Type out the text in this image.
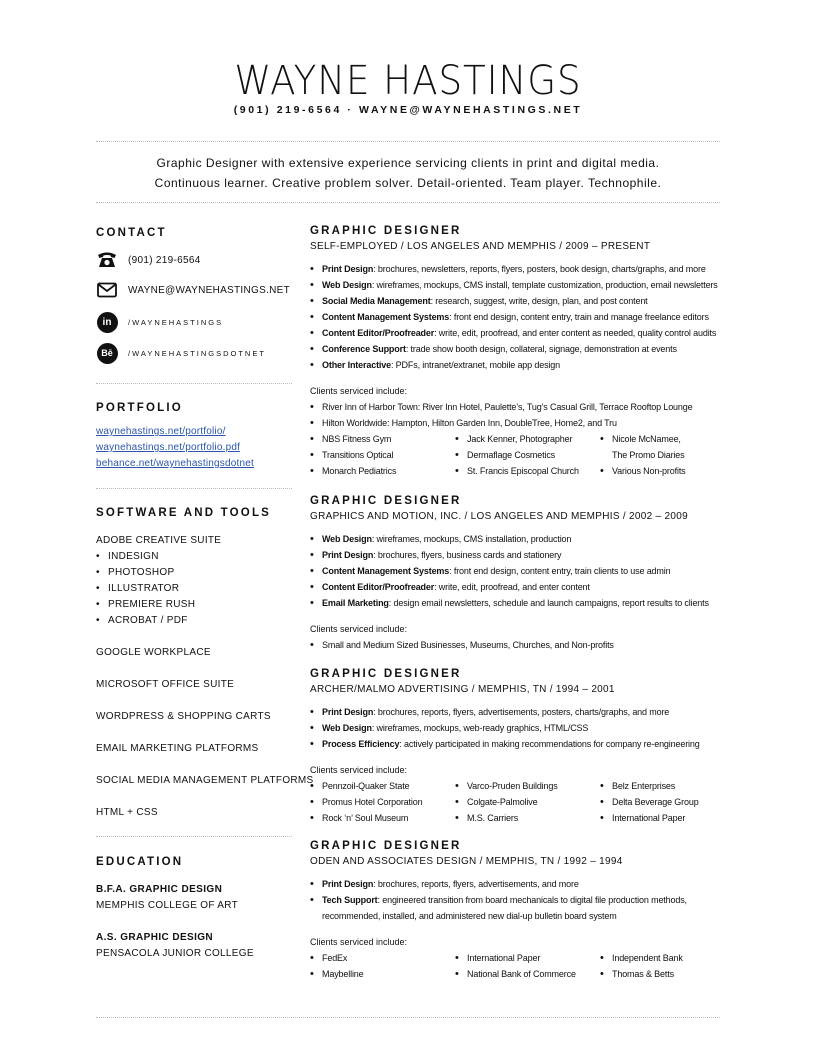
WAYNE HASTINGS
(901) 219-6564 · WAYNE@WAYNEHASTINGS.NET
Graphic Designer with extensive experience servicing clients in print and digital media.
Continuous learner. Creative problem solver. Detail-oriented. Team player. Technophile.
CONTACT
(901) 219-6564
WAYNE@WAYNEHASTINGS.NET
in	/WAYNEHASTINGS
Bē	/WAYNEHASTINGSDOTNET
PORTFOLIO
waynehastings.net/portfolio/
waynehastings.net/portfolio.pdf
behance.net/waynehastingsdotnet
SOFTWARE AND TOOLS
ADOBE CREATIVE SUITE
• INDESIGN
• PHOTOSHOP
• ILLUSTRATOR
• PREMIERE RUSH
• ACROBAT / PDF
GOOGLE WORKPLACE
MICROSOFT OFFICE SUITE
WORDPRESS & SHOPPING CARTS
EMAIL MARKETING PLATFORMS
SOCIAL MEDIA MANAGEMENT PLATFORMS
HTML + CSS
EDUCATION
B.F.A. GRAPHIC DESIGN
MEMPHIS COLLEGE OF ART
A.S. GRAPHIC DESIGN
PENSACOLA JUNIOR COLLEGE
GRAPHIC DESIGNER
SELF-EMPLOYED / LOS ANGELES AND MEMPHIS / 2009 – PRESENT
• Print Design: brochures, newsletters, reports, flyers, posters, book design, charts/graphs, and more
• Web Design: wireframes, mockups, CMS install, template customization, production, email newsletters
• Social Media Management: research, suggest, write, design, plan, and post content
• Content Management Systems: front end design, content entry, train and manage freelance editors
• Content Editor/Proofreader: write, edit, proofread, and enter content as needed, quality control audits
• Conference Support: trade show booth design, collateral, signage, demonstration at events
• Other Interactive: PDFs, intranet/extranet, mobile app design
Clients serviced include:
• River Inn of Harbor Town: River Inn Hotel, Paulette’s, Tug’s Casual Grill, Terrace Rooftop Lounge
• Hilton Worldwide: Hampton, Hilton Garden Inn, DoubleTree, Home2, and Tru
• NBS Fitness Gym	• Jack Kenner, Photographer	• Nicole McNamee,
• Transitions Optical	• Dermaflage Cosmetics	The Promo Diaries
• Monarch Pediatrics	• St. Francis Episcopal Church	• Various Non-profits
GRAPHIC DESIGNER
GRAPHICS AND MOTION, INC. / LOS ANGELES AND MEMPHIS / 2002 – 2009
• Web Design: wireframes, mockups, CMS installation, production
• Print Design: brochures, flyers, business cards and stationery
• Content Management Systems: front end design, content entry, train clients to use admin
• Content Editor/Proofreader: write, edit, proofread, and enter content
• Email Marketing: design email newsletters, schedule and launch campaigns, report results to clients
Clients serviced include:
• Small and Medium Sized Businesses, Museums, Churches, and Non-profits
GRAPHIC DESIGNER
ARCHER/MALMO ADVERTISING / MEMPHIS, TN / 1994 – 2001
• Print Design: brochures, reports, flyers, advertisements, posters, charts/graphs, and more
• Web Design: wireframes, mockups, web-ready graphics, HTML/CSS
• Process Efficiency: actively participated in making recommendations for company re-engineering
Clients serviced include:
• Pennzoil-Quaker State	• Varco-Pruden Buildings	• Belz Enterprises
• Promus Hotel Corporation	• Colgate-Palmolive	• Delta Beverage Group
• Rock ‘n’ Soul Museum	• M.S. Carriers	• International Paper
GRAPHIC DESIGNER
ODEN AND ASSOCIATES DESIGN / MEMPHIS, TN / 1992 – 1994
• Print Design: brochures, reports, flyers, advertisements, and more
• Tech Support: engineered transition from board mechanicals to digital file production methods, recommended, installed, and administered new dial-up bulletin board system
Clients serviced include:
• FedEx	• International Paper	• Independent Bank
• Maybelline	• National Bank of Commerce	• Thomas & Betts
